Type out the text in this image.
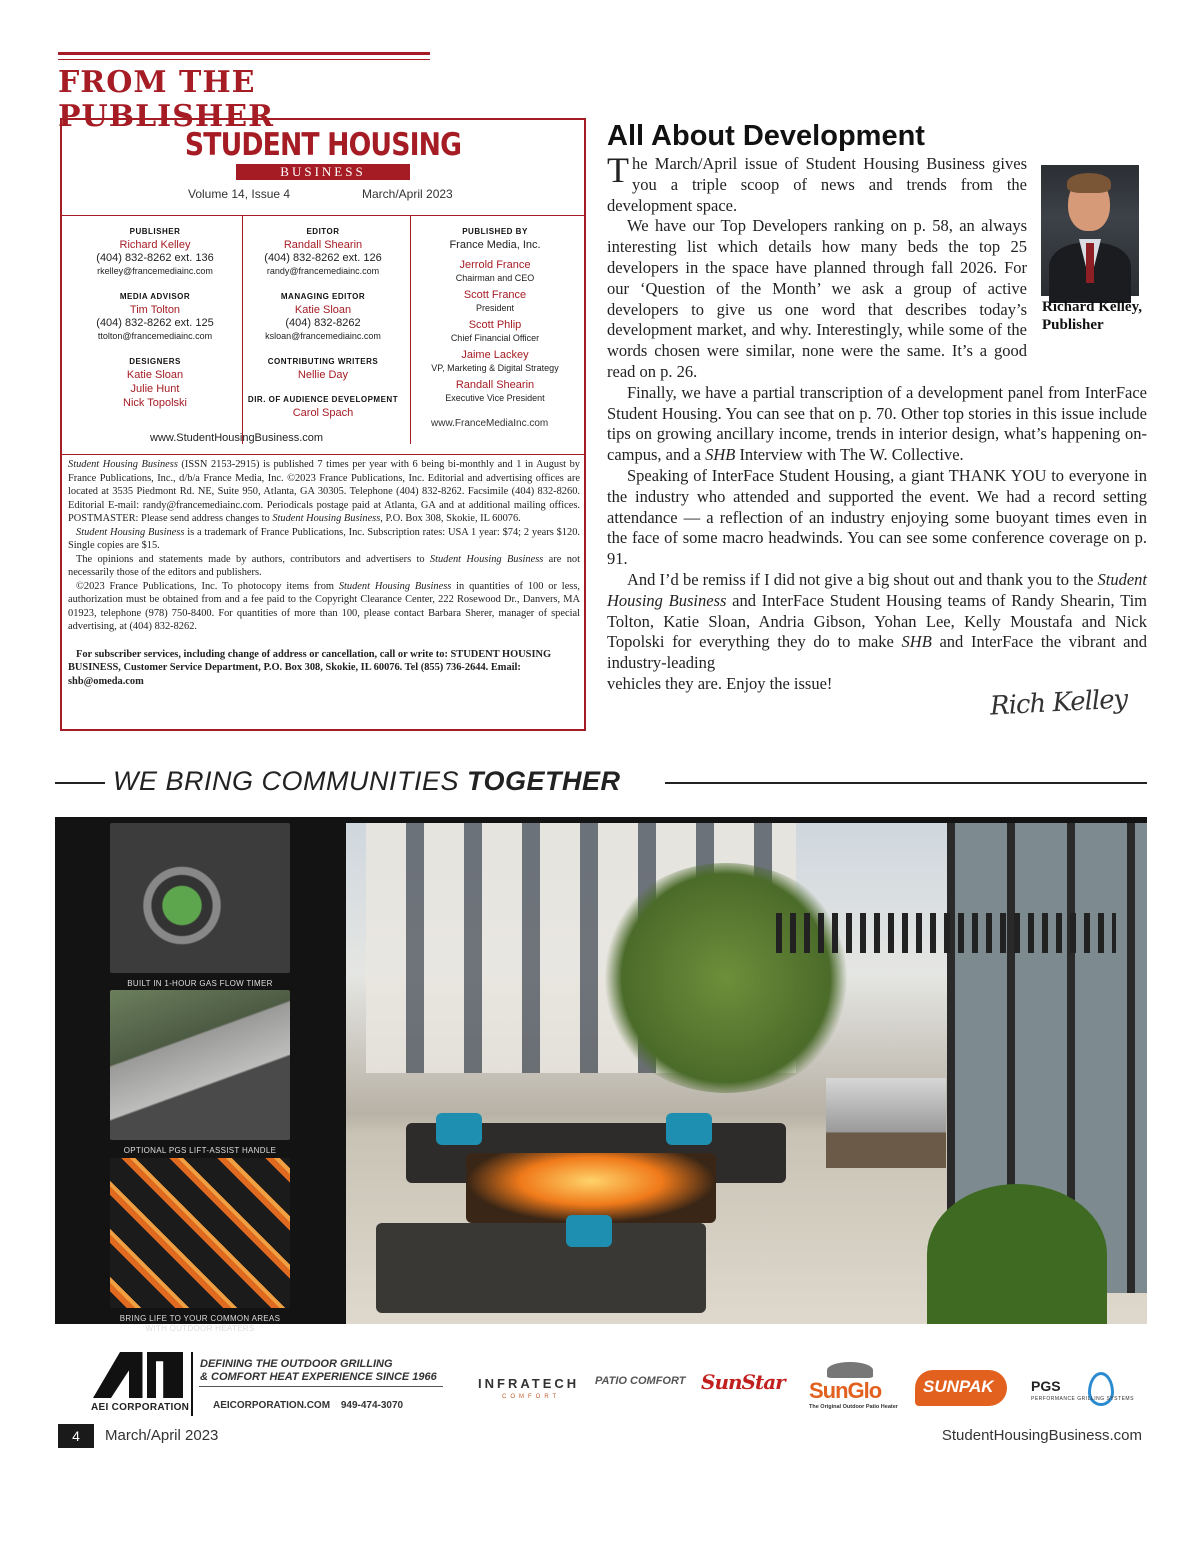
FROM THE PUBLISHER
STUDENT HOUSING
BUSINESS
Volume 14, Issue 4	March/April 2023
PUBLISHER
Richard Kelley
(404) 832-8262 ext. 136
rkelley@francemediainc.com
MEDIA ADVISOR
Tim Tolton
(404) 832-8262 ext. 125
ttolton@francemediainc.com
DESIGNERS
Katie Sloan
Julie Hunt
Nick Topolski
EDITOR
Randall Shearin
(404) 832-8262 ext. 126
randy@francemediainc.com
MANAGING EDITOR
Katie Sloan
(404) 832-8262
ksloan@francemediainc.com
CONTRIBUTING WRITERS
Nellie Day
DIR. OF AUDIENCE DEVELOPMENT
Carol Spach
PUBLISHED BY
France Media, Inc.
Jerrold France
Chairman and CEO
Scott France
President
Scott Phlip
Chief Financial Officer
Jaime Lackey
VP, Marketing & Digital Strategy
Randall Shearin
Executive Vice President
www.StudentHousingBusiness.com
www.FranceMediaInc.com

Student Housing Business (ISSN 2153-2915) is published 7 times per year with 6 being bi-monthly and 1 in August by France Publications, Inc., d/b/a France Media, Inc. ©2023 France Publications, Inc. Editorial and advertising offices are located at 3535 Piedmont Rd. NE, Suite 950, Atlanta, GA 30305. Telephone (404) 832-8262. Facsimile (404) 832-8260. Editorial E-mail: randy@francemediainc.com. Periodicals postage paid at Atlanta, GA and at additional mailing offices. POSTMASTER: Please send address changes to Student Housing Business, P.O. Box 308, Skokie, IL 60076.

Student Housing Business is a trademark of France Publications, Inc. Subscription rates: USA 1 year: $74; 2 years $120. Single copies are $15.

The opinions and statements made by authors, contributors and advertisers to Student Housing Business are not necessarily those of the editors and publishers.

©2023 France Publications, Inc. To photocopy items from Student Housing Business in quantities of 100 or less, authorization must be obtained from and a fee paid to the Copyright Clearance Center, 222 Rosewood Dr., Danvers, MA 01923, telephone (978) 750-8400. For quantities of more than 100, please contact Barbara Sherer, manager of special advertising, at (404) 832-8262.

For subscriber services, including change of address or cancellation, call or write to: STUDENT HOUSING BUSINESS, Customer Service Department, P.O. Box 308, Skokie, IL 60076. Tel (855) 736-2644. Email: shb@omeda.com

All About Development

The March/April issue of Student Housing Business gives you a triple scoop of news and trends from the development space.

We have our Top Developers ranking on p. 58, an always interesting list which details how many beds the top 25 developers in the space have planned through fall 2026. For our ‘Question of the Month’ we ask a group of active developers to give us one word that describes today’s development market, and why. Interestingly, while some of the words chosen were similar, none were the same. It’s a good read on p. 26.

Finally, we have a partial transcription of a development panel from InterFace Student Housing. You can see that on p. 70. Other top stories in this issue include tips on growing ancillary income, trends in interior design, what’s happening on-campus, and a SHB Interview with The W. Collective.

Speaking of InterFace Student Housing, a giant THANK YOU to everyone in the industry who attended and supported the event. We had a record setting attendance — a reflection of an industry enjoying some buoyant times even in the face of some macro headwinds. You can see some conference coverage on p. 91.

And I’d be remiss if I did not give a big shout out and thank you to the Student Housing Business and InterFace Student Housing teams of Randy Shearin, Tim Tolton, Katie Sloan, Andria Gibson, Yohan Lee, Kelly Moustafa and Nick Topolski for everything they do to make SHB and InterFace the vibrant and industry-leading
vehicles they are. Enjoy the issue!

Richard Kelley, Publisher
Rich Kelley
WE BRING COMMUNITIES TOGETHER
BUILT IN 1-HOUR GAS FLOW TIMER
OPTIONAL PGS LIFT-ASSIST HANDLE
BRING LIFE TO YOUR COMMON AREAS
WITH OUTDOOR HEATERS
AEI CORPORATION
DEFINING THE OUTDOOR GRILLING
& COMFORT HEAT EXPERIENCE SINCE 1966
AEICORPORATION.COM 949-474-3070
INFRATECH
COMFORT
PATIO COMFORT SunStar SunGlo
The Original Outdoor Patio Heater
SUNPAK	PGS
PERFORMANCE GRILLING SYSTEMS
4	March/April 2023	StudentHousingBusiness.com
